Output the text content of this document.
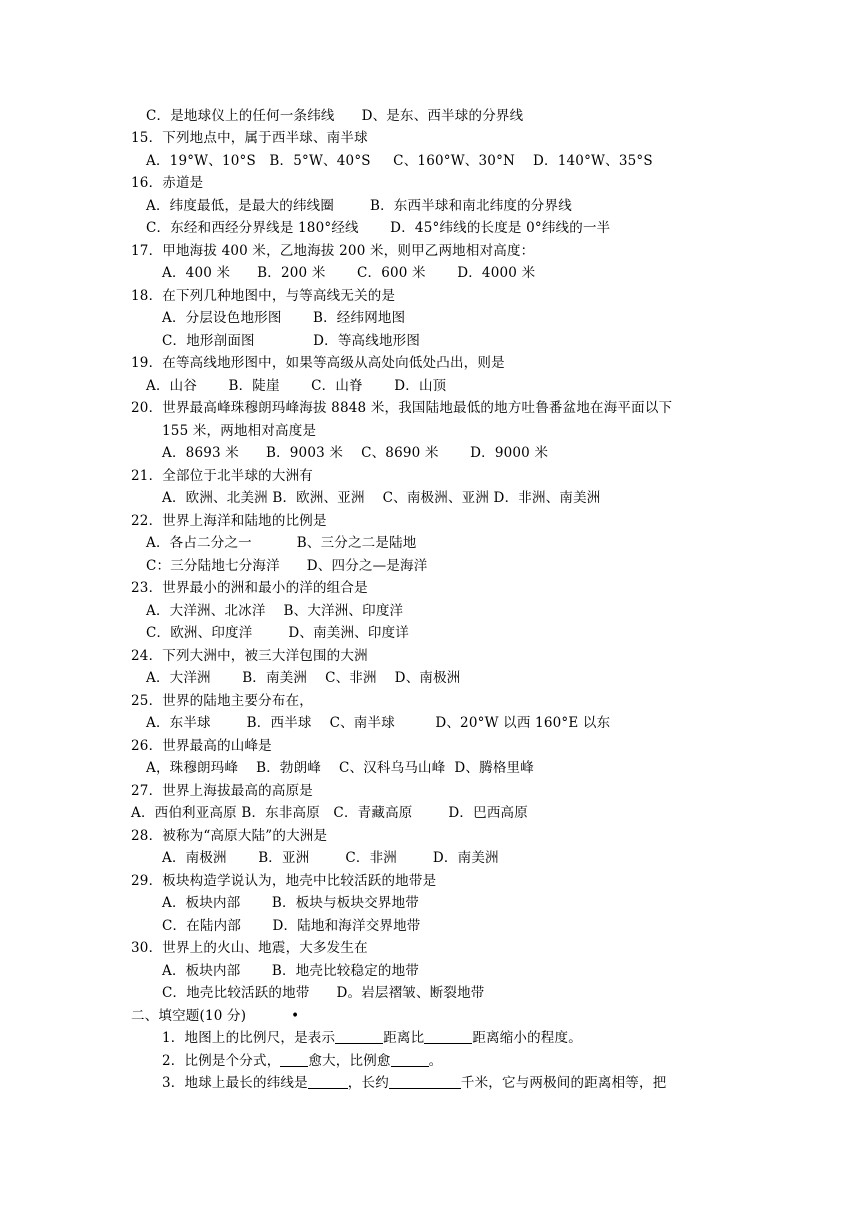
C．是地球仪上的任何一条纬线      D、是东、西半球的分界线
15．下列地点中，属于西半球、南半球
A．19°W、10°S   B．5°W、40°S     C、160°W、30°N    D．140°W、35°S
16．赤道是
A．纬度最低，是最大的纬线圈        B．东西半球和南北纬度的分界线
C．东经和西经分界线是 180°经线       D．45°纬线的长度是 0°纬线的一半
17．甲地海拔 400 米，乙地海拔 200 米，则甲乙两地相对高度：
A．400 米      B．200 米       C．600 米       D．4000 米
18．在下列几种地图中，与等高线无关的是
A．分层设色地形图       B．经纬网地图
C．地形剖面图             D．等高线地形图
19．在等高线地形图中，如果等高级从高处向低处凸出，则是
A．山谷       B．陡崖       C．山脊       D．山顶
20．世界最高峰珠穆朗玛峰海拔 8848 米，我国陆地最低的地方吐鲁番盆地在海平面以下
155 米，两地相对高度是
A．8693 米      B．9003 米    C、8690 米       D．9000 米
21．全部位于北半球的大洲有
A．欧洲、北美洲 B．欧洲、亚洲    C、南极洲、亚洲 D．非洲、南美洲
22．世界上海洋和陆地的比例是
A．各占二分之一          B、三分之二是陆地
C：三分陆地七分海洋      D、四分之—是海洋
23．世界最小的洲和最小的洋的组合是
A．大洋洲、北冰洋    B、大洋洲、印度洋
C．欧洲、印度洋        D、南美洲、印度详
24．下列大洲中，被三大洋包围的大洲
A．大洋洲       B．南美洲    C、非洲    D、南极洲
25．世界的陆地主要分布在，
A．东半球        B．西半球    C、南半球         D、20°W 以西 160°E 以东
26．世界最高的山峰是
A，珠穆朗玛峰    B．勃朗峰    C、汉科乌马山峰  D、腾格里峰
27．世界上海拔最高的高原是
A．西伯利亚高原 B．东非高原   C．青藏高原        D．巴西高原
28．被称为“高原大陆”的大洲是
A．南极洲       B．亚洲        C．非洲        D．南美洲
29．板块构造学说认为，地壳中比较活跃的地带是
A．板块内部       B．板块与板块交界地带
C．在陆内部       D．陆地和海洋交界地带
30．世界上的火山、地震，大多发生在
A．板块内部       B．地壳比较稳定的地带
C．地壳比较活跃的地带      D。岩层褶皱、断裂地带
二、填空题(10 分)          •
1．地图上的比例尺，是表示	距离比	距离缩小的程度。
2．比例是个分式， 愈大，比例愈	。
3．地球上最长的纬线是	，长约	千米，它与两极间的距离相等，把
